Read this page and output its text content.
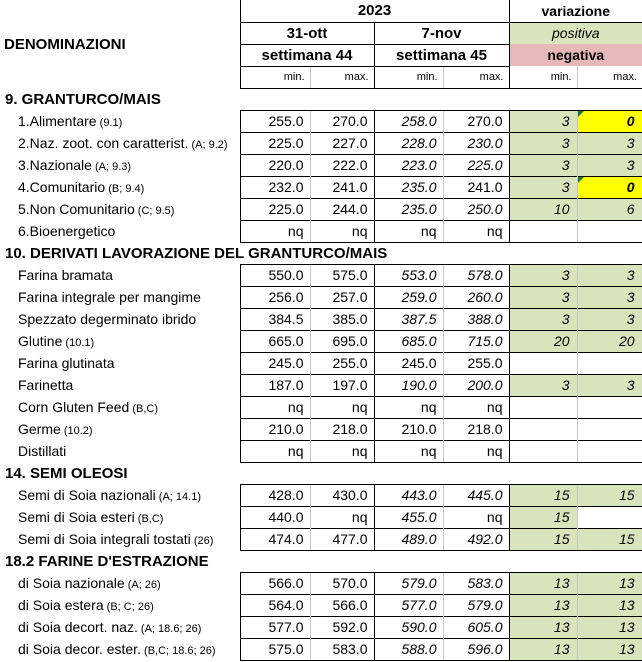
DENOMINAZIONI	2023				variazione	
	31-ott		7-nov		positiva	
	settimana 44		settimana 45		negativa	
	min.	max.	min.	max.	min.	max.
9. GRANTURCO/MAIS						
1.Alimentare (9.1)	255.0	270.0	258.0	270.0	3	0
2.Naz. zoot. con caratterist. (A; 9.2)	225.0	227.0	228.0	230.0	3	3
3.Nazionale (A; 9.3)	220.0	222.0	223.0	225.0	3	3
4.Comunitario (B; 9.4)	232.0	241.0	235.0	241.0	3	0
5.Non Comunitario (C; 9.5)	225.0	244.0	235.0	250.0	10	6
6.Bioenergetico	nq	nq	nq	nq		
10. DERIVATI LAVORAZIONE DEL GRANTURCO/MAIS						
Farina bramata	550.0	575.0	553.0	578.0	3	3
Farina integrale per mangime	256.0	257.0	259.0	260.0	3	3
Spezzato degerminato ibrido	384.5	385.0	387.5	388.0	3	3
Glutine (10.1)	665.0	695.0	685.0	715.0	20	20
Farina glutinata	245.0	255.0	245.0	255.0		
Farinetta	187.0	197.0	190.0	200.0	3	3
Corn Gluten Feed (B,C)	nq	nq	nq	nq		
Germe (10.2)	210.0	218.0	210.0	218.0		
Distillati	nq	nq	nq	nq		
14. SEMI OLEOSI						
Semi di Soia nazionali (A; 14.1)	428.0	430.0	443.0	445.0	15	15
Semi di Soia esteri (B,C)	440.0	nq	455.0	nq	15	
Semi di Soia integrali tostati (26)	474.0	477.0	489.0	492.0	15	15
18.2 FARINE D'ESTRAZIONE						
di Soia nazionale (A; 26)	566.0	570.0	579.0	583.0	13	13
di Soia estera (B; C; 26)	564.0	566.0	577.0	579.0	13	13
di Soia decort. naz. (A; 18.6; 26)	577.0	592.0	590.0	605.0	13	13
di Soia decor. ester. (B,C; 18.6; 26)	575.0	583.0	588.0	596.0	13	13
